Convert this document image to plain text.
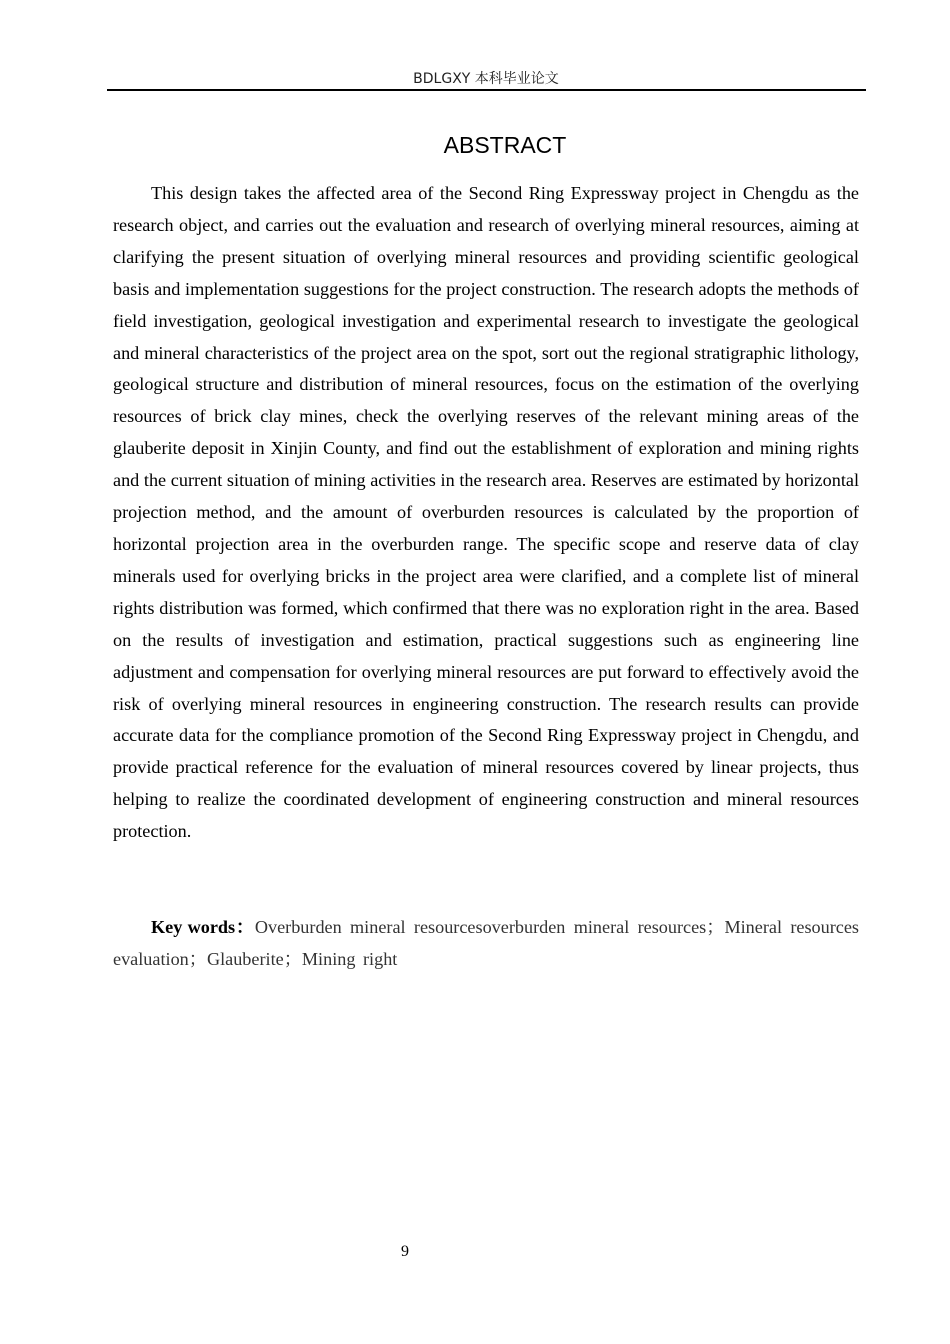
BDLGXY 本科毕业论文
ABSTRACT

This design takes the affected area of the Second Ring Expressway project in Chengdu as the research object, and carries out the evaluation and research of overlying mineral resources, aiming at clarifying the present situation of overlying mineral resources and providing scientific geological basis and implementation suggestions for the project construction. The research adopts the methods of field investigation, geological investigation and experimental research to investigate the geological and mineral characteristics of the project area on the spot, sort out the regional stratigraphic lithology, geological structure and distribution of mineral resources, focus on the estimation of the overlying resources of brick clay mines, check the overlying reserves of the relevant mining areas of the glauberite deposit in Xinjin County, and find out the establishment of exploration and mining rights and the current situation of mining activities in the research area. Reserves are estimated by horizontal projection method, and the amount of overburden resources is calculated by the proportion of horizontal projection area in the overburden range. The specific scope and reserve data of clay minerals used for overlying bricks in the project area were clarified, and a complete list of mineral rights distribution was formed, which confirmed that there was no exploration right in the area. Based on the results of investigation and estimation, practical suggestions such as engineering line adjustment and compensation for overlying mineral resources are put forward to effectively avoid the risk of overlying mineral resources in engineering construction. The research results can provide accurate data for the compliance promotion of the Second Ring Expressway project in Chengdu, and provide practical reference for the evaluation of mineral resources covered by linear projects, thus helping to realize the coordinated development of engineering construction and mineral resources protection.

Key words：Overburden mineral resourcesoverburden mineral resources；Mineral resources evaluation；Glauberite；Mining right

9
